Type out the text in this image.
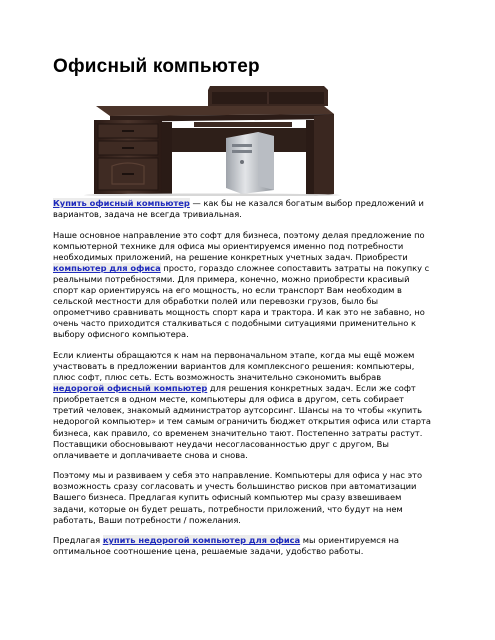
Офисный компьютер

Купить офисный компьютер — как бы не казался богатым выбор предложений и вариантов, задача не всегда тривиальная.

Наше основное направление это софт для бизнеса, поэтому делая предложение по компьютерной технике для офиса мы ориентируемся именно под потребности необходимых приложений, на решение конкретных учетных задач. Приобрести компьютер для офиса просто, гораздо сложнее сопоставить затраты на покупку с реальными потребностями. Для примера, конечно, можно приобрести красивый спорт кар ориентируясь на его мощность, но если транспорт Вам необходим в сельской местности для обработки полей или перевозки грузов, было бы опрометчиво сравнивать мощность спорт кара и трактора. И как это не забавно, но очень часто приходится сталкиваться с подобными ситуациями применительно к выбору офисного компьютера.

Если клиенты обращаются к нам на первоначальном этапе, когда мы ещё можем участвовать в предложении вариантов для комплексного решения: компьютеры, плюс софт, плюс сеть. Есть возможность значительно сэкономить выбрав недорогой офисный компьютер для решения конкретных задач. Если же софт приобретается в одном месте, компьютеры для офиса в другом, сеть собирает третий человек, знакомый администратор аутсорсинг. Шансы на то чтобы «купить недорогой компьютер» и тем самым ограничить бюджет открытия офиса или старта бизнеса, как правило, со временем значительно тают. Постепенно затраты растут. Поставщики обосновывают неудачи несогласованностью друг с другом, Вы оплачиваете и доплачиваете снова и снова.

Поэтому мы и развиваем у себя это направление. Компьютеры для офиса у нас это возможность сразу согласовать и учесть большинство рисков при автоматизации Вашего бизнеса. Предлагая купить офисный компьютер мы сразу взвешиваем задачи, которые он будет решать, потребности приложений, что будут на нем работать, Ваши потребности / пожелания.

Предлагая купить недорогой компьютер для офиса мы ориентируемся на оптимальное соотношение цена, решаемые задачи, удобство работы.
